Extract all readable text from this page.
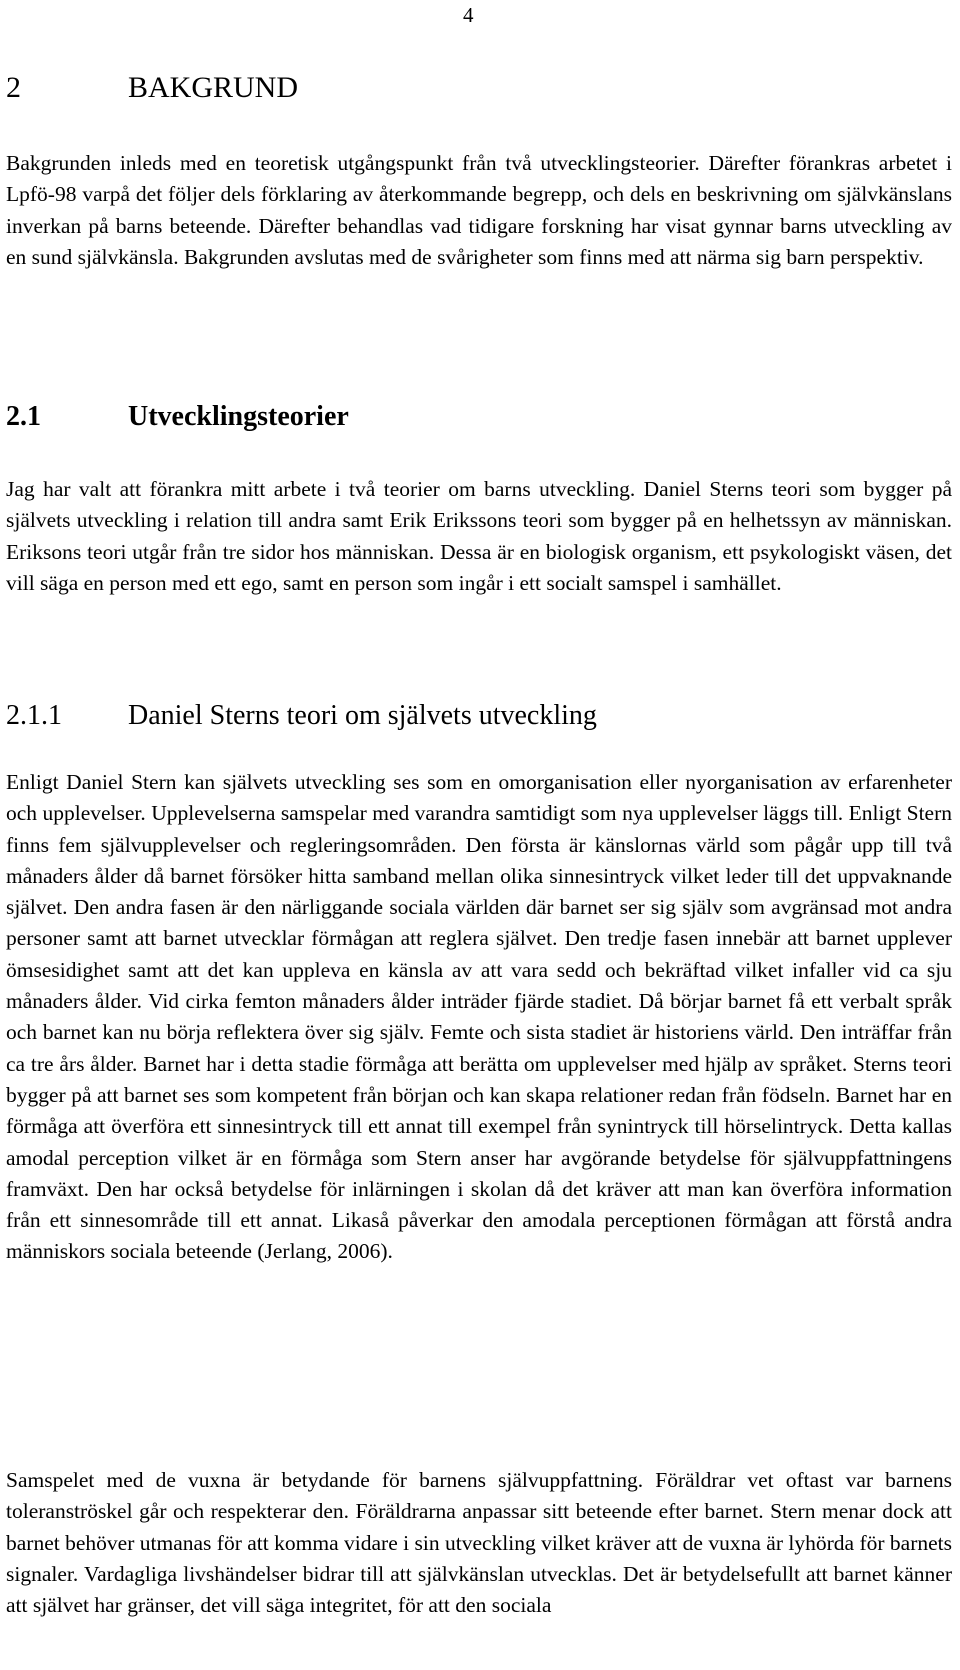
4
2	BAKGRUND

Bakgrunden inleds med en teoretisk utgångspunkt från två utvecklingsteorier. Därefter förankras arbetet i Lpfö-98 varpå det följer dels förklaring av återkommande begrepp, och dels en beskrivning om självkänslans inverkan på barns beteende. Därefter behandlas vad tidigare forskning har visat gynnar barns utveckling av en sund självkänsla. Bakgrunden avslutas med de svårigheter som finns med att närma sig barn perspektiv.

2.1	Utvecklingsteorier

Jag har valt att förankra mitt arbete i två teorier om barns utveckling. Daniel Sterns teori som bygger på självets utveckling i relation till andra samt Erik Erikssons teori som bygger på en helhetssyn av människan. Eriksons teori utgår från tre sidor hos människan. Dessa är en biologisk organism, ett psykologiskt väsen, det vill säga en person med ett ego, samt en person som ingår i ett socialt samspel i samhället.

2.1.1 Daniel Sterns teori om självets utveckling

Enligt Daniel Stern kan självets utveckling ses som en omorganisation eller nyorganisation av erfarenheter och upplevelser. Upplevelserna samspelar med varandra samtidigt som nya upplevelser läggs till. Enligt Stern finns fem självupplevelser och regleringsområden. Den första är känslornas värld som pågår upp till två månaders ålder då barnet försöker hitta samband mellan olika sinnesintryck vilket leder till det uppvaknande självet. Den andra fasen är den närliggande sociala världen där barnet ser sig själv som avgränsad mot andra personer samt att barnet utvecklar förmågan att reglera självet. Den tredje fasen innebär att barnet upplever ömsesidighet samt att det kan uppleva en känsla av att vara sedd och bekräftad vilket infaller vid ca sju månaders ålder. Vid cirka femton månaders ålder inträder fjärde stadiet. Då börjar barnet få ett verbalt språk och barnet kan nu börja reflektera över sig själv. Femte och sista stadiet är historiens värld. Den inträffar från ca tre års ålder. Barnet har i detta stadie förmåga att berätta om upplevelser med hjälp av språket. Sterns teori bygger på att barnet ses som kompetent från början och kan skapa relationer redan från födseln. Barnet har en förmåga att överföra ett sinnesintryck till ett annat till exempel från synintryck till hörselintryck. Detta kallas amodal perception vilket är en förmåga som Stern anser har avgörande betydelse för självuppfattningens framväxt. Den har också betydelse för inlärningen i skolan då det kräver att man kan överföra information från ett sinnesområde till ett annat. Likaså påverkar den amodala perceptionen förmågan att förstå andra människors sociala beteende (Jerlang, 2006).

Samspelet med de vuxna är betydande för barnens självuppfattning. Föräldrar vet oftast var barnens toleranströskel går och respekterar den. Föräldrarna anpassar sitt beteende efter barnet. Stern menar dock att barnet behöver utmanas för att komma vidare i sin utveckling vilket kräver att de vuxna är lyhörda för barnets signaler. Vardagliga livshändelser bidrar till att självkänslan utvecklas. Det är betydelsefullt att barnet känner att självet har gränser, det vill säga integritet, för att den sociala
